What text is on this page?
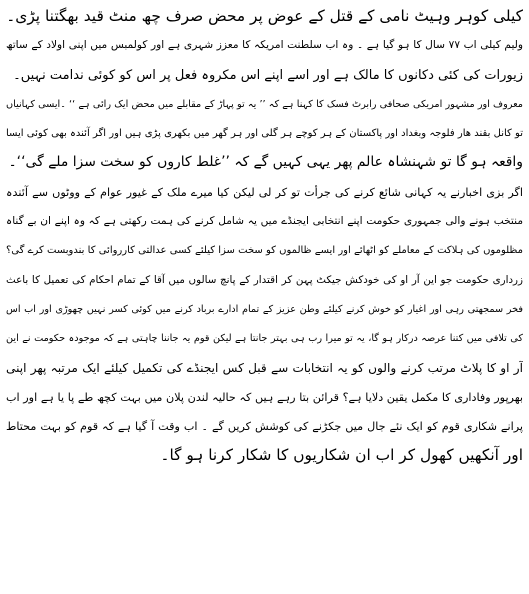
کیلی کوہر وہیٹ نامی کے قتل کے عوض پر محض صرف چھ منٹ قید بھگتنا پڑی۔
ولیم کیلی اب ۷۷ سال کا ہو گیا ہے ۔ وہ اب سلطنت امریکہ کا معزز شہری ہے اور کولمبس میں اپنی اولاد کے ساتھ
زیورات کی کئی دکانوں کا مالک ہے اور اسے اپنے اس مکروہ فعل پر اس کو کوئی ندامت نہیں۔
معروف اور مشہور امریکی صحافی رابرٹ فسک کا کہنا ہے کہ ’’ یہ تو پہاڑ کے مقابلے میں محض ایک رائی ہے ‘‘ ۔ایسی کہانیاں
تو کانل بقند ھار فلوجہ وبغداد اور پاکستان کے ہر کوچے ہر گلی اور ہر گھر میں بکھری پڑی ہیں اور اگر آئندہ بھی کوئی ایسا
واقعہ ہو گا تو شہنشاہ عالم پھر یہی کہیں گے کہ ’’غلط کاروں کو سخت سزا ملے گی‘‘۔
اگر بزی اخبارنے یہ کہانی شائع کرنے کی جرأت تو کر لی لیکن کیا میرے ملک کے غیور عوام کے ووٹوں سے آئندہ
منتخب ہونے والی جمہوری حکومت اپنے انتخابی ایجنڈے میں یہ شامل کرنے کی ہمت رکھتی ہے کہ وہ اپنے ان بے گناہ
مظلوموں کی ہلاکت کے معاملے کو اٹھائے اور ایسے ظالموں کو سخت سزا کیلئے کسی عدالتی کارروائی کا بندوبست کرے گی؟
زرداری حکومت جو این آر او کی خودکش جیکٹ پہن کر اقتدار کے پانچ سالوں میں آقا کے تمام احکام کی تعمیل کا باعث
فخر سمجھتی رہی اور اغیار کو خوش کرنے کیلئے وطن عزیز کے تمام ادارے برباد کرنے میں کوئی کسر نہیں چھوڑی اور اب اس
کی تلافی میں کتنا عرصہ درکار ہو گا، یہ تو میرا رب ہی بہتر جانتا ہے لیکن قوم یہ جاننا چاہتی ہے کہ موجودہ حکومت نے این
آر او کا پلاٹ مرتب کرنے والوں کو یہ انتخابات سے قبل کس ایجنڈے کی تکمیل کیلئے ایک مرتبہ پھر اپنی
بھرپور وفاداری کا مکمل یقین دلایا ہے؟ قرائن بتا رہے ہیں کہ حالیہ لندن پلان میں بہت کچھ طے پا یا ہے اور اب
پرانے شکاری قوم کو ایک نئے جال میں جکڑنے کی کوشش کریں گے ۔ اب وقت آ گیا ہے کہ قوم کو بہت محتاط
اور آنکھیں کھول کر اب ان شکاریوں کا شکار کرنا ہو گا۔
